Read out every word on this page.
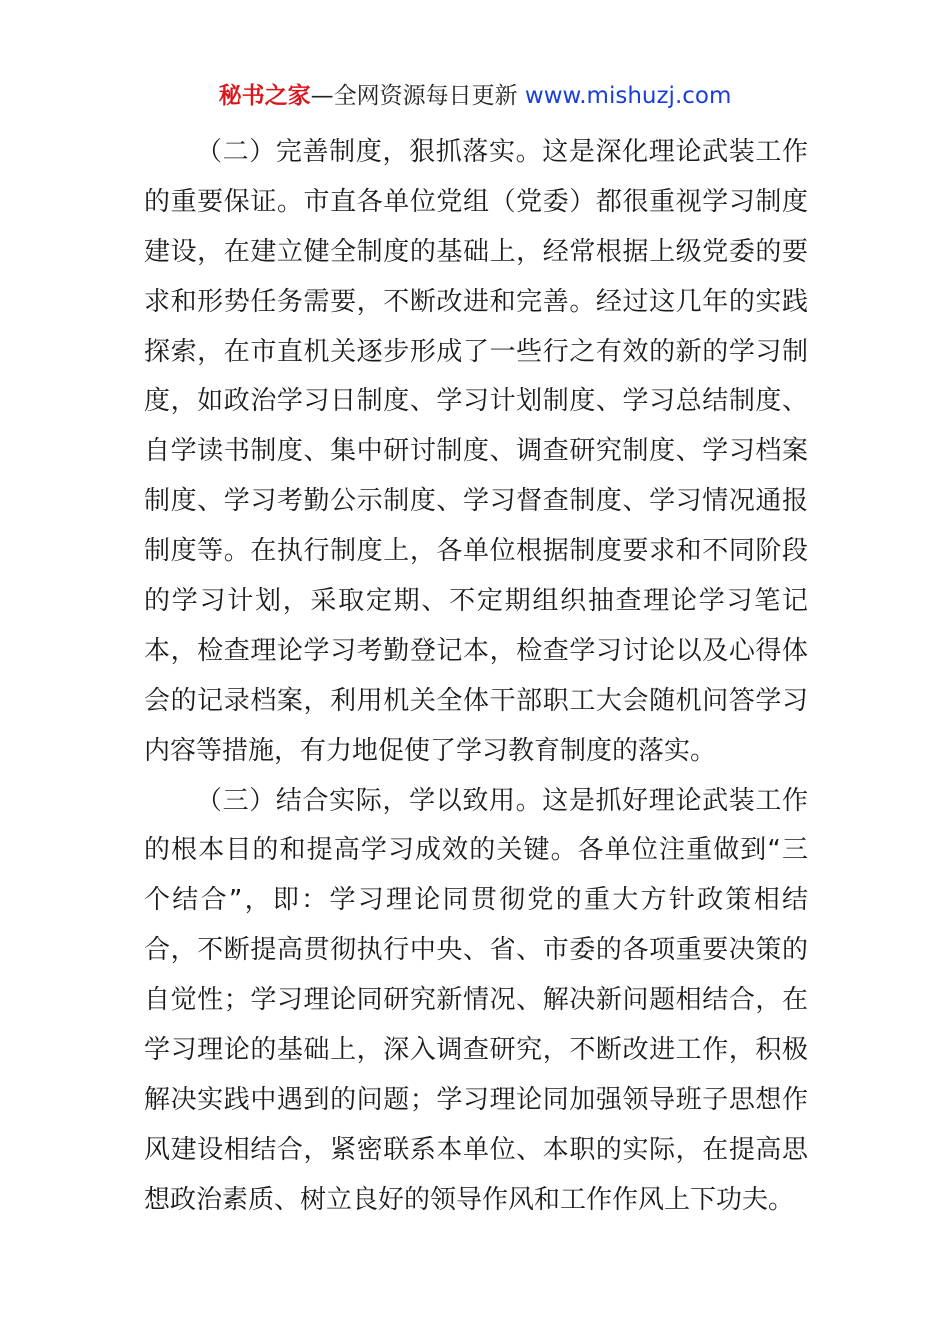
秘书之家—全网资源每日更新 www.mishuzj.com
（二）完善制度，狠抓落实。这是深化理论武装工作
的重要保证。市直各单位党组（党委）都很重视学习制度
建设，在建立健全制度的基础上，经常根据上级党委的要
求和形势任务需要，不断改进和完善。经过这几年的实践
探索，在市直机关逐步形成了一些行之有效的新的学习制
度，如政治学习日制度、学习计划制度、学习总结制度、
自学读书制度、集中研讨制度、调查研究制度、学习档案
制度、学习考勤公示制度、学习督查制度、学习情况通报
制度等。在执行制度上，各单位根据制度要求和不同阶段
的学习计划，采取定期、不定期组织抽查理论学习笔记
本，检查理论学习考勤登记本，检查学习讨论以及心得体
会的记录档案，利用机关全体干部职工大会随机问答学习
内容等措施，有力地促使了学习教育制度的落实。
（三）结合实际，学以致用。这是抓好理论武装工作
的根本目的和提高学习成效的关键。各单位注重做到“三
个结合”，即：学习理论同贯彻党的重大方针政策相结
合，不断提高贯彻执行中央、省、市委的各项重要决策的
自觉性；学习理论同研究新情况、解决新问题相结合，在
学习理论的基础上，深入调查研究，不断改进工作，积极
解决实践中遇到的问题；学习理论同加强领导班子思想作
风建设相结合，紧密联系本单位、本职的实际，在提高思
想政治素质、树立良好的领导作风和工作作风上下功夫。
